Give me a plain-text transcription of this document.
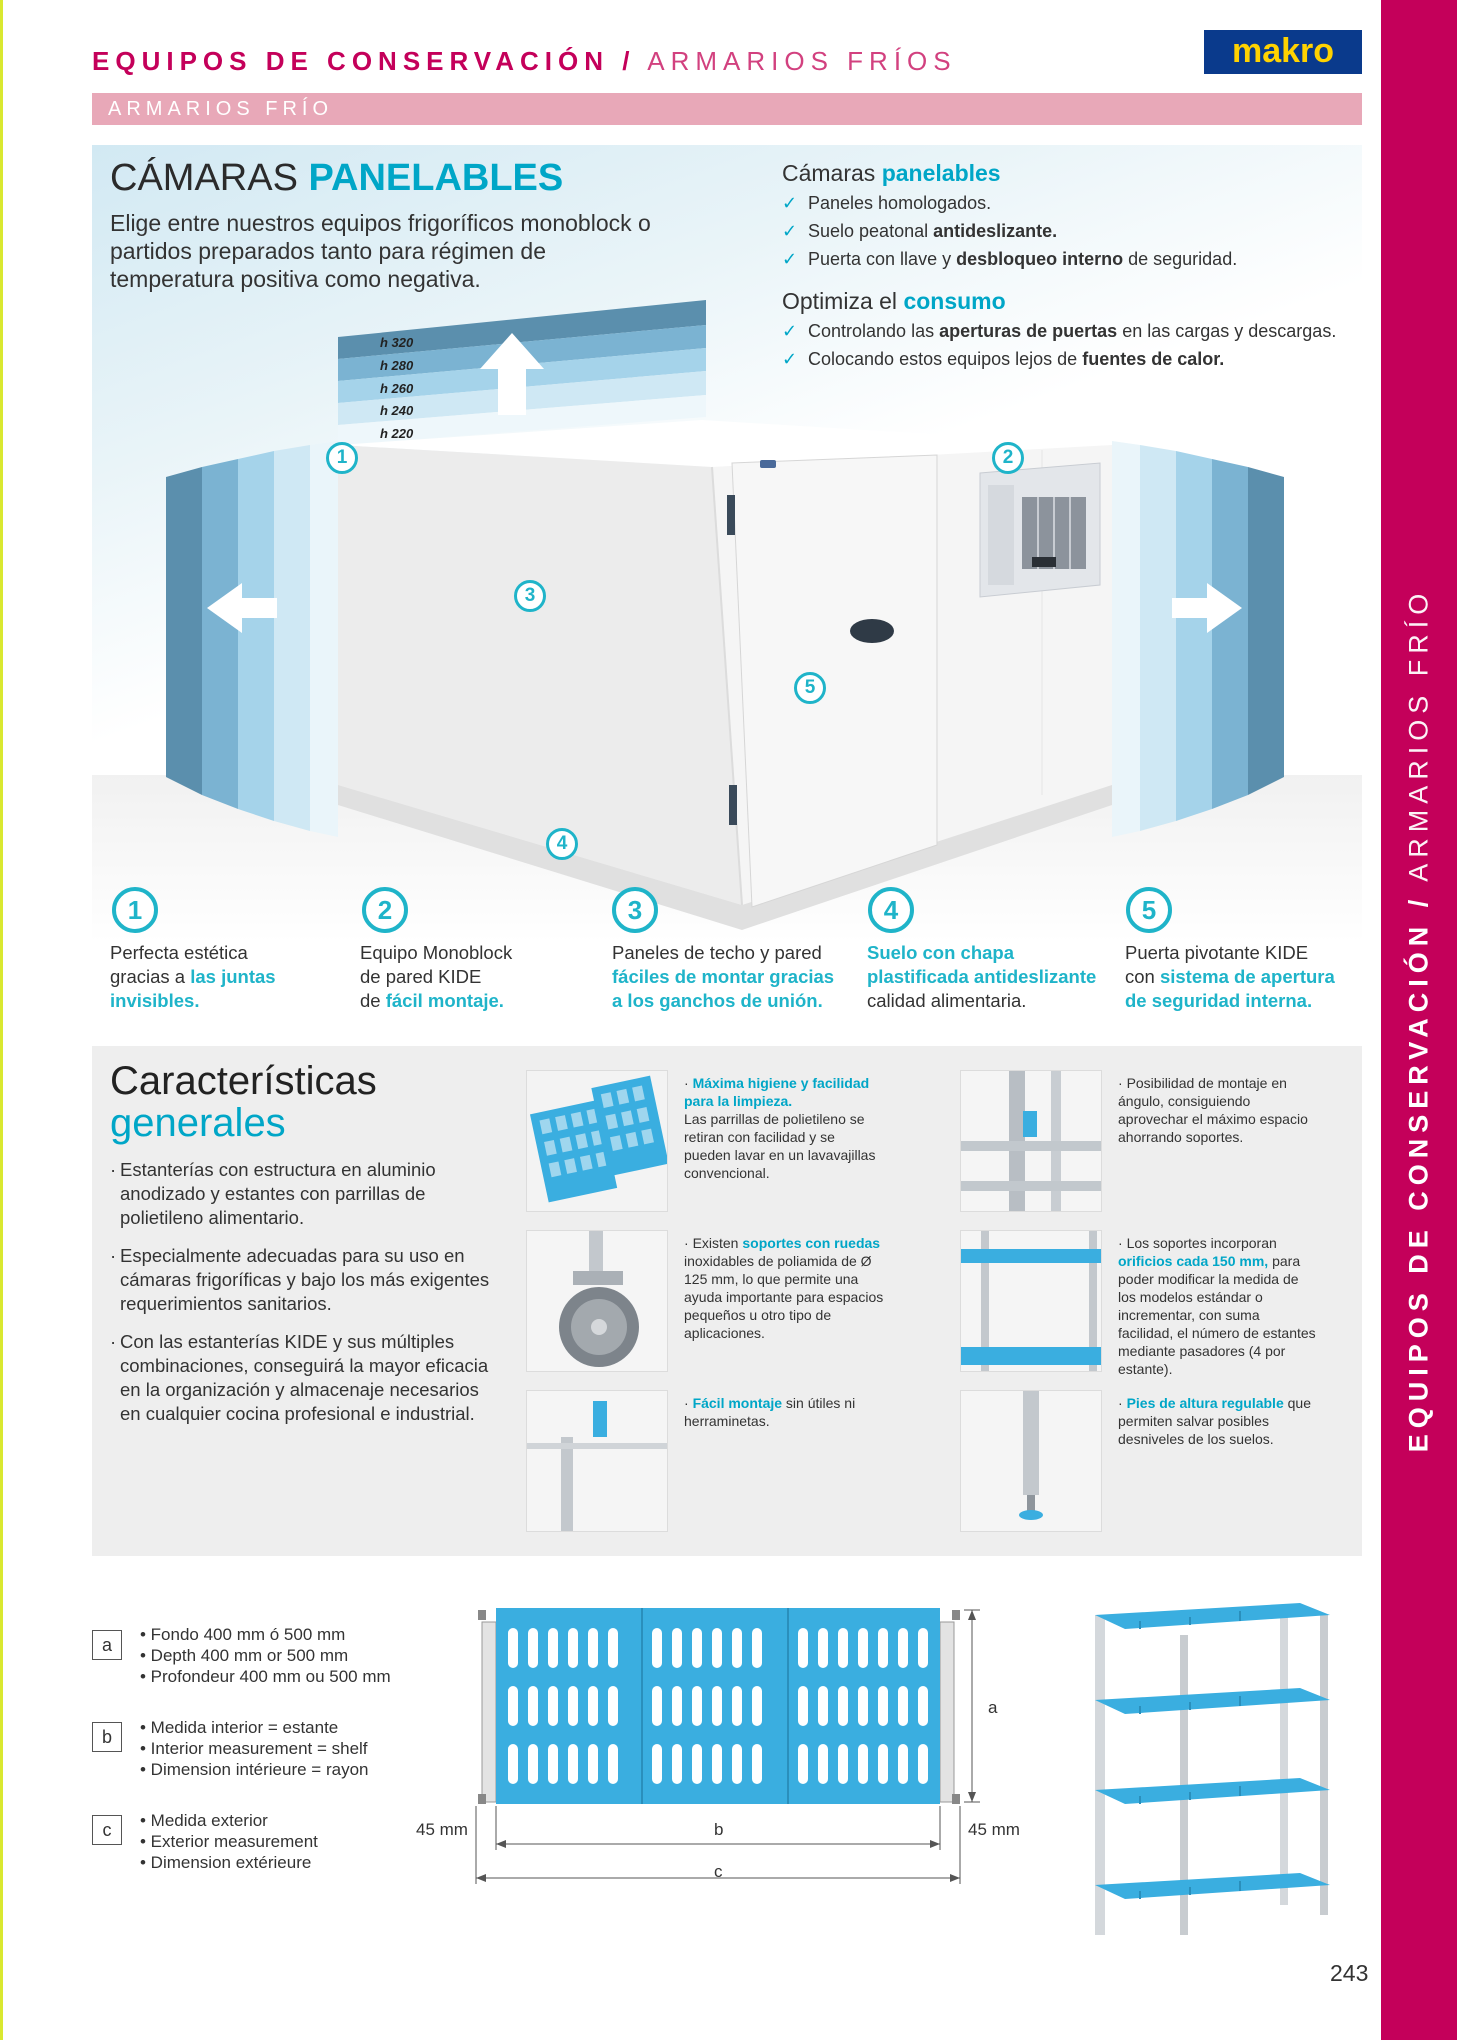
EQUIPOS DE CONSERVACIÓN / ARMARIOS FRÍO
EQUIPOS DE CONSERVACIÓN / ARMARIOS FRÍOS	makro
ARMARIOS FRÍO
CÁMARAS PANELABLES
Elige entre nuestros equipos frigoríficos monoblock o partidos preparados tanto para régimen de temperatura positiva como negativa.
h 320
h 280
h 260
h 240
h 220
Cámaras panelables
✓ Paneles homologados.
✓ Suelo peatonal
antideslizante.
✓ Puerta con llave y
desbloqueo interno
de seguridad.
Optimiza el consumo
✓ Controlando las
aperturas de puertas
en las cargas y descargas.
✓ Colocando estos equipos lejos de
fuentes de calor.
1	2
3
4
5
1
Perfecta estética
gracias a las juntas
invisibles.
2
Equipo Monoblock
de pared KIDE
de fácil montaje.
3
Paneles de techo y pared
fáciles de montar gracias
a los ganchos de unión.
4
Suelo con chapa
plastificada antideslizante
calidad alimentaria.
5
Puerta pivotante KIDE
con sistema de apertura
de seguridad interna.
Características
generales
· Estanterías con estructura en aluminio anodizado y estantes con parrillas de polietileno alimentario.
· Especialmente adecuadas para su uso en cámaras frigoríficas y bajo los más exigentes requerimientos sanitarios.
· Con las estanterías KIDE y sus múltiples combinaciones, conseguirá la mayor eficacia en la organización y almacenaje necesarios en cualquier cocina profesional e industrial.
· Máxima higiene y facilidad para la limpieza.
Las parrillas de polietileno se retiran con facilidad y se pueden lavar en un lavavajillas convencional.
· Posibilidad de montaje en ángulo, consiguiendo aprovechar el máximo espacio ahorrando soportes.
· Existen soportes con ruedas inoxidables de poliamida de Ø 125 mm, lo que permite una ayuda importante para espacios pequeños u otro tipo de aplicaciones.
· Los soportes incorporan orificios cada 150 mm, para poder modificar la medida de los modelos estándar o incrementar, con suma facilidad, el número de estantes mediante pasadores (4 por estante).
· Fácil montaje sin útiles ni herraminetas.
· Pies de altura regulable que permiten salvar posibles desniveles de los suelos.
a
• Fondo 400 mm ó 500 mm
• Depth 400 mm or 500 mm
• Profondeur 400 mm ou 500 mm
b	• Medida interior = estante
• Interior measurement = shelf
• Dimension intérieure = rayon
c	• Medida exterior
• Exterior measurement
• Dimension extérieure
a
b
c
45 mm	45 mm
243
